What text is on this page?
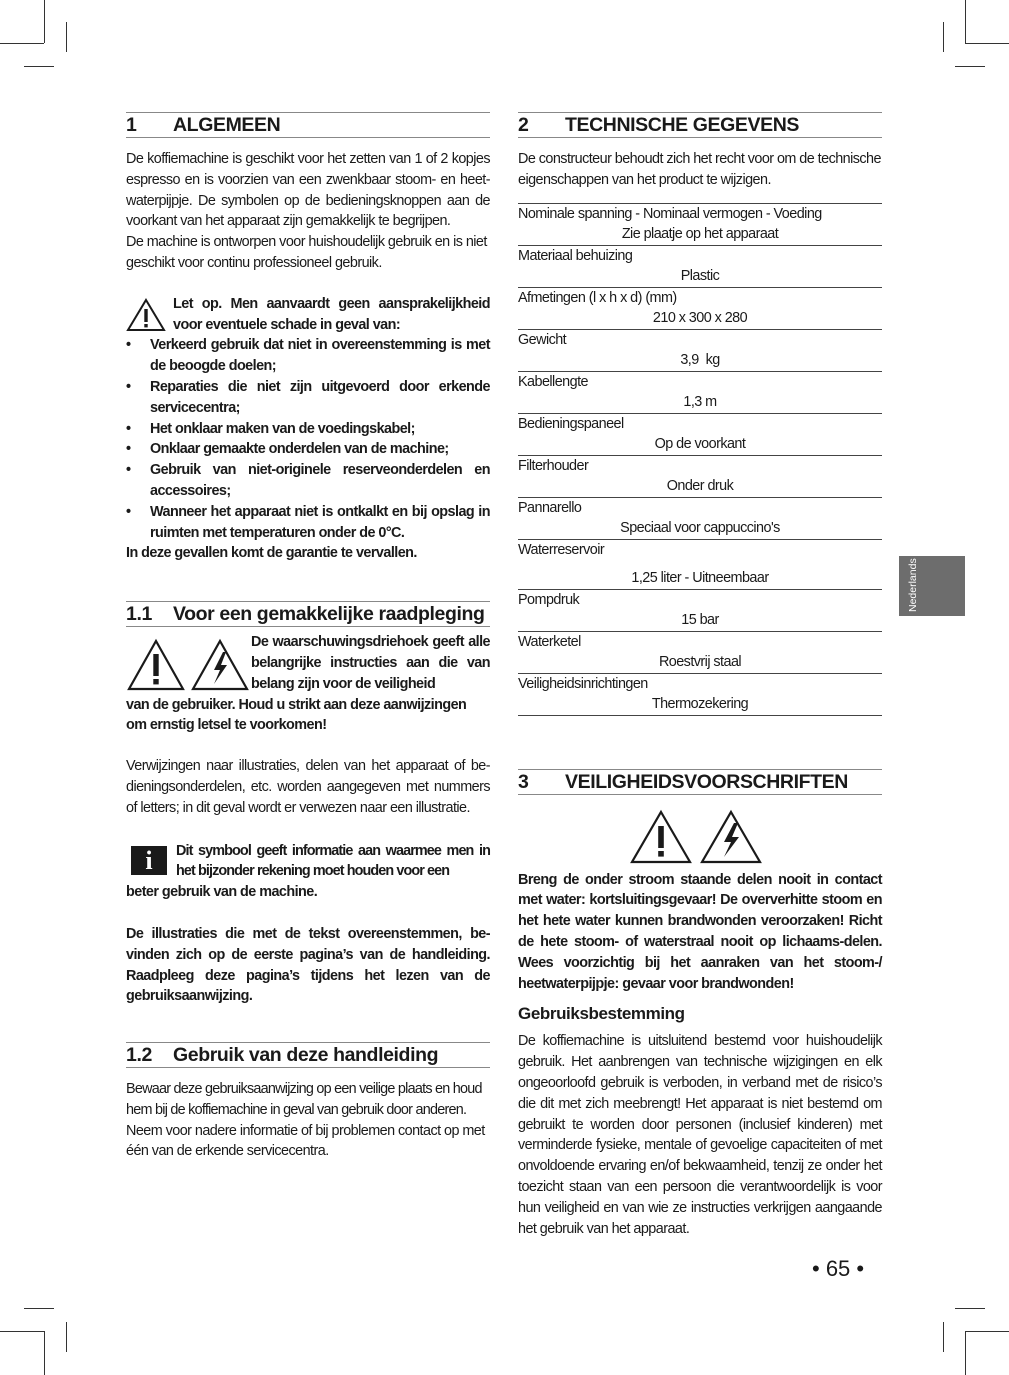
1	ALGEMEEN

De koffiemachine is geschikt voor het zetten van 1 of 2 kopjes espresso en is voorzien van een zwenkbaar stoom- en heet-waterpijpje. De symbolen op de bedieningsknoppen aan de voorkant van het apparaat zijn gemakkelijk te begrijpen.

De machine is ontworpen voor huishoudelijk gebruik en is niet geschikt voor continu professioneel gebruik.

Let op. Men aanvaardt geen aansprakelijkheid voor eventuele schade in geval van:

• Verkeerd gebruik dat niet in overeenstemming is met de beoogde doelen;
• Reparaties die niet zijn uitgevoerd door erkende servicecentra;
• Het onklaar maken van de voedingskabel;
• Onklaar gemaakte onderdelen van de machine;
• Gebruik van niet-originele reserveonderdelen en accessoires;
• Wanneer het apparaat niet is ontkalkt en bij opslag in ruimten met temperaturen onder de 0°C.

In deze gevallen komt de garantie te vervallen.

1.1	Voor een gemakkelijke raadpleging

De waarschuwingsdriehoek geeft alle belangrijke instructies aan die van belang zijn voor de veiligheid

van de gebruiker. Houd u strikt aan deze aanwijzingen om ernstig letsel te voorkomen!

Verwijzingen naar illustraties, delen van het apparaat of be-dieningsonderdelen, etc. worden aangegeven met nummers of letters; in dit geval wordt er verwezen naar een illustratie.

i	Dit symbool geeft informatie aan waarmee men in het bijzonder rekening moet houden voor een

beter gebruik van de machine.

De illustraties die met de tekst overeenstemmen, be-vinden zich op de eerste pagina’s van de handleiding. Raadpleeg deze pagina’s tijdens het lezen van de gebruiksaanwijzing.

1.2	Gebruik van deze handleiding

Bewaar deze gebruiksaanwijzing op een veilige plaats en houd hem bij de koffiemachine in geval van gebruik door anderen.

Neem voor nadere informatie of bij problemen contact op met één van de erkende servicecentra.

2	TECHNISCHE GEGEVENS

De constructeur behoudt zich het recht voor om de technische eigenschappen van het product te wijzigen.

Nominale spanning - Nominaal vermogen - Voeding
Zie plaatje op het apparaat
Materiaal behuizing
Plastic
Afmetingen (l x h x d) (mm)
210 x 300 x 280
Gewicht
3,9  kg
Kabellengte
1,3 m
Bedieningspaneel
Op de voorkant
Filterhouder
Onder druk
Pannarello
Speciaal voor cappuccino's
Waterreservoir
1,25 liter - Uitneembaar
Pompdruk
15 bar
Waterketel
Roestvrij staal
Veiligheidsinrichtingen
Thermozekering
3	VEILIGHEIDSVOORSCHRIFTEN

Breng de onder stroom staande delen nooit in contact met water: kortsluitingsgevaar! De oververhitte stoom en het hete water kunnen brandwonden veroorzaken! Richt de hete stoom- of waterstraal nooit op lichaams-delen. Wees voorzichtig bij het aanraken van het stoom-/ heetwaterpijpje: gevaar voor brandwonden!

Gebruiksbestemming

De koffiemachine is uitsluitend bestemd voor huishoudelijk gebruik. Het aanbrengen van technische wijzigingen en elk ongeoorloofd gebruik is verboden, in verband met de risico’s die dit met zich meebrengt! Het apparaat is niet bestemd om gebruikt te worden door personen (inclusief kinderen) met verminderde fysieke, mentale of gevoelige capaciteiten of met onvoldoende ervaring en/of bekwaamheid, tenzij ze onder het toezicht staan van een persoon die verantwoordelijk is voor hun veiligheid en van wie ze instructies verkrijgen aangaande het gebruik van het apparaat.

Nederlands
• 65 •
